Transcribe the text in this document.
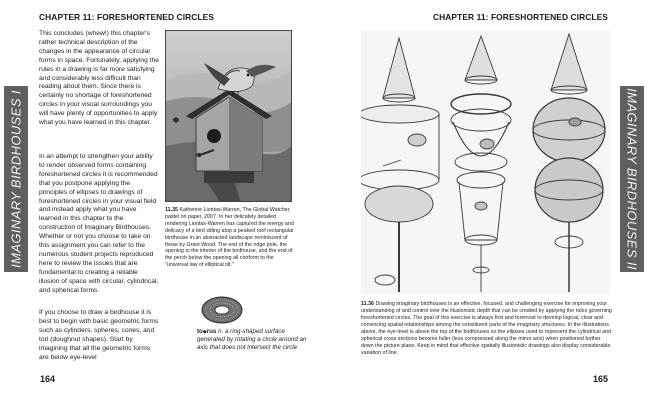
CHAPTER 11: FORESHORTENED CIRCLES
IMAGINARY BIRDHOUSES I

This concludes (whew!) this chapter's rather technical description of the changes in the appearance of circular forms in space. Fortunately, applying the rules in a drawing is far more satisfying and considerably less difficult than reading about them. Since there is certainly no shortage of foreshortened circles in your visual surroundings you will have plenty of opportunities to apply what you have learned in this chapter.

In an attempt to strengthen your ability to render observed forms containing foreshortened circles it is recommended that you postpone applying the principles of ellipses to drawings of foreshortened circles in your visual field and instead apply what you have learned in this chapter to the construction of Imaginary Birdhouses. Whether or not you choose to take on this assignment you can refer to the numerous student projects reproduced here to review the issues that are fundamental to creating a reliable illusion of space with circular, cylindrical, and spherical forms.

If you choose to draw a birdhouse it is best to begin with basic geometric forms such as cylinders, spheres, cones, and tori (doughnut shapes). Start by imagining that all the geometric forms are below eye-level

11.35 Katherine Liontas-Warren, The Global Watcher, pastel on paper, 2007. In her delicately detailed rendering Liontas-Warren has captured the energy and delicacy of a bird sitting atop a peaked roof rectangular birdhouse in an abstracted landscape reminiscent of those by Grant Wood. The end of the ridge pole, the opening to the interior of the birdhouse, and the end of the perch below the opening all conform to the "universal law of elliptical tilt."

to◆rus n. a ring-shaped surface generated by rotating a circle around an axis that does not intersect the circle

164
CHAPTER 11: FORESHORTENED CIRCLES
IMAGINARY BIRDHOUSES II

11.36 Drawing imaginary birdhouses is an effective, focused, and challenging exercise for improving your understanding of and control over the illusionistic depth that can be created by applying the rules governing foreshortened circles. The goal of this exercise is always first and foremost to develop logical, clear and convincing spatial relationships among the constituent parts of the imaginary structures. In the illustrations above, the eye-level is above the top of the birdhouses so the ellipses used to represent the cylindrical and spherical cross sections become fuller (less compressed along the minor axis) when positioned further down the picture plane. Keep in mind that effective spatially illusionistic drawings also display considerable variation of line.

165
